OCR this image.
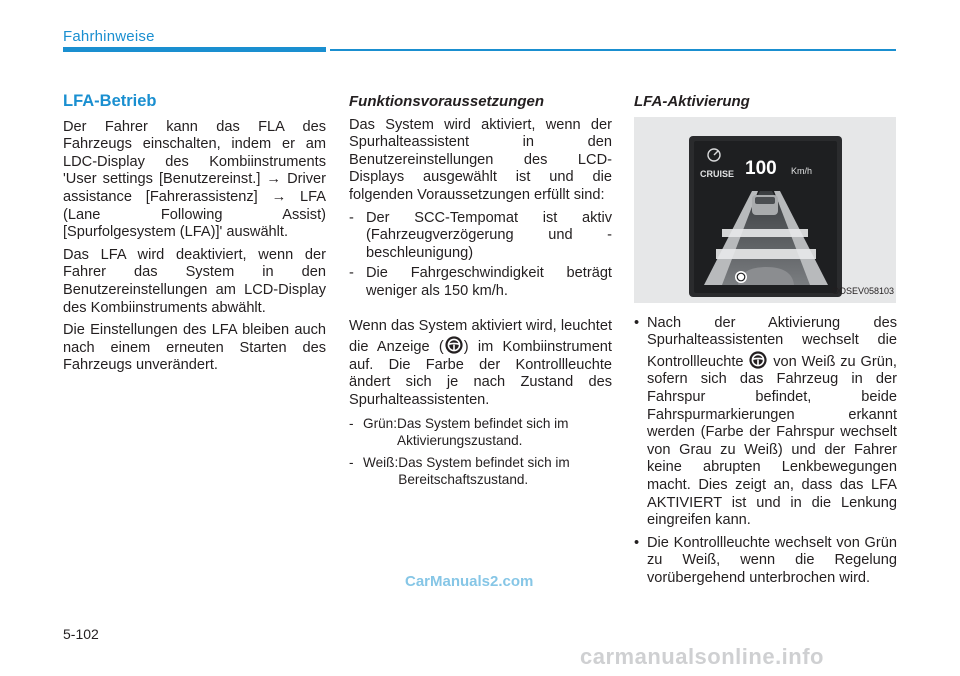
Fahrhinweise
LFA-Betrieb

Der Fahrer kann das FLA des Fahrzeugs einschalten, indem er am LDC-Display des Kombiinstruments 'User settings [Benutzereinst.] → Driver assistance [Fahrerassistenz] → LFA (Lane Following Assist) [Spurfolgesystem (LFA)]' auswählt.

Das LFA wird deaktiviert, wenn der Fahrer das System in den Benutzereinstellungen am LCD-Display des Kombiinstruments abwählt.

Die Einstellungen des LFA bleiben auch nach einem erneuten Starten des Fahrzeugs unverändert.

Funktionsvoraussetzungen

Das System wird aktiviert, wenn der Spurhalteassistent in den Benutzereinstellungen des LCD-Displays ausgewählt ist und die folgenden Voraussetzungen erfüllt sind:

- Der SCC-Tempomat ist aktiv (Fahrzeugverzögerung und -beschleunigung)
- Die Fahrgeschwindigkeit beträgt weniger als 150 km/h.

Wenn das System aktiviert wird, leuchtet die Anzeige ( ) im Kombiinstrument auf. Die Farbe der Kontrollleuchte ändert sich je nach Zustand des Spurhalteassistenten.

- Grün: Das System befindet sich im Aktivierungszustand.
- Weiß: Das System befindet sich im Bereitschaftszustand.
LFA-Aktivierung
CRUISE 100 Km/h
OOSEV058103
• Nach der Aktivierung des Spurhalteassistenten wechselt die Kontrollleuchte  von Weiß zu Grün, sofern sich das Fahrzeug in der Fahrspur befindet, beide Fahrspurmarkierungen erkannt werden (Farbe der Fahrspur wechselt von Grau zu Weiß) und der Fahrer keine abrupten Lenkbewegungen macht. Dies zeigt an, dass das LFA AKTIVIERT ist und in die Lenkung eingreifen kann.
• Die Kontrollleuchte wechselt von Grün zu Weiß, wenn die Regelung vorübergehend unterbrochen wird.
CarManuals2.com
5-102
carmanualsonline.info
